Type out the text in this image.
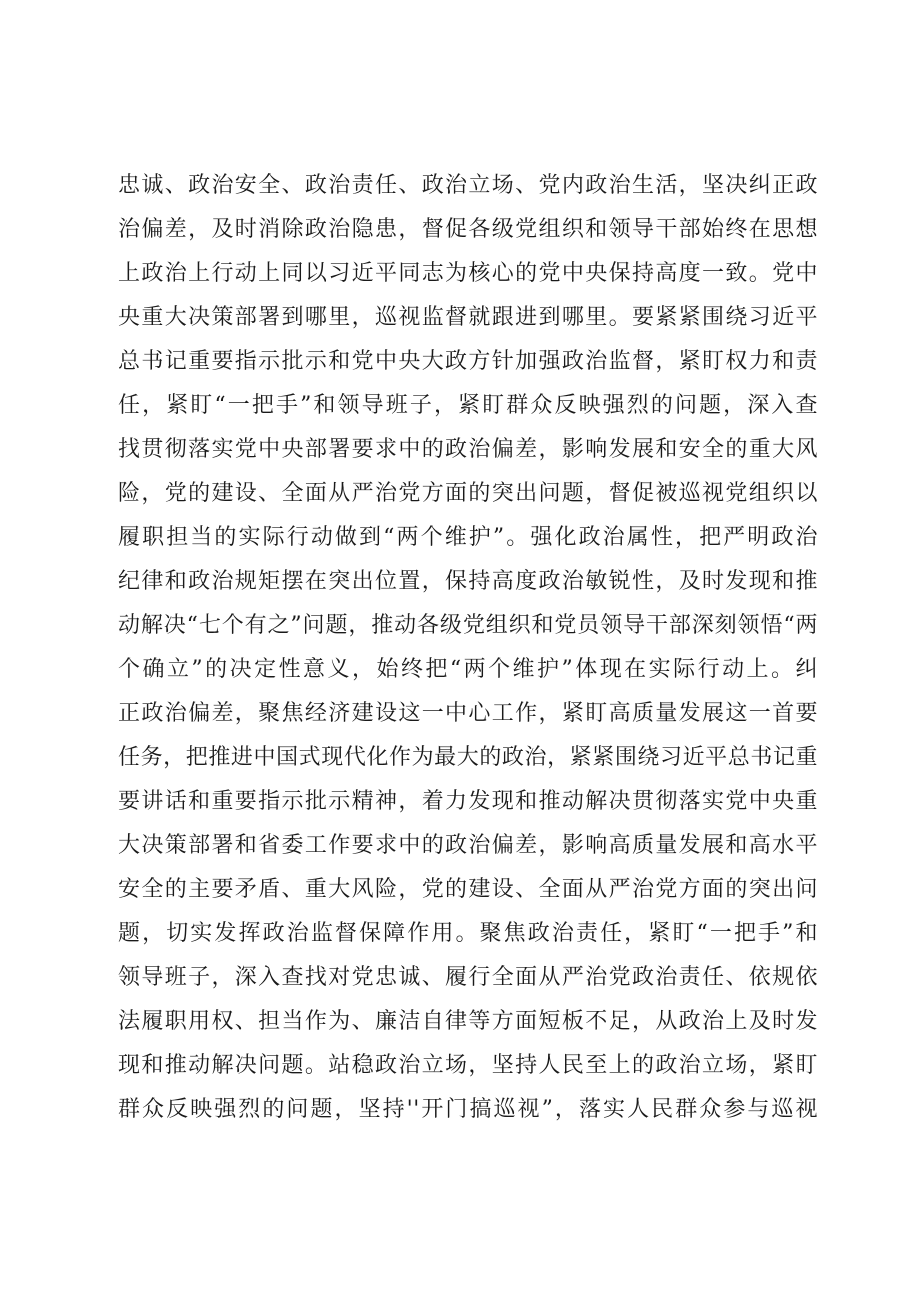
忠诚、政治安全、政治责任、政治立场、党内政治生活，坚决纠正政
治偏差，及时消除政治隐患，督促各级党组织和领导干部始终在思想
上政治上行动上同以习近平同志为核心的党中央保持高度一致。党中
央重大决策部署到哪里，巡视监督就跟进到哪里。要紧紧围绕习近平
总书记重要指示批示和党中央大政方针加强政治监督，紧盯权力和责
任，紧盯“一把手”和领导班子，紧盯群众反映强烈的问题，深入查
找贯彻落实党中央部署要求中的政治偏差，影响发展和安全的重大风
险，党的建设、全面从严治党方面的突出问题，督促被巡视党组织以
履职担当的实际行动做到“两个维护”。强化政治属性，把严明政治
纪律和政治规矩摆在突出位置，保持高度政治敏锐性，及时发现和推
动解决“七个有之”问题，推动各级党组织和党员领导干部深刻领悟“两
个确立”的决定性意义，始终把“两个维护”体现在实际行动上。纠
正政治偏差，聚焦经济建设这一中心工作，紧盯高质量发展这一首要
任务，把推进中国式现代化作为最大的政治，紧紧围绕习近平总书记重
要讲话和重要指示批示精神，着力发现和推动解决贯彻落实党中央重
大决策部署和省委工作要求中的政治偏差，影响高质量发展和高水平
安全的主要矛盾、重大风险，党的建设、全面从严治党方面的突出问
题，切实发挥政治监督保障作用。聚焦政治责任，紧盯“一把手”和
领导班子，深入查找对党忠诚、履行全面从严治党政治责任、依规依
法履职用权、担当作为、廉洁自律等方面短板不足，从政治上及时发
现和推动解决问题。站稳政治立场，坚持人民至上的政治立场，紧盯
群众反映强烈的问题，坚持''开门搞巡视”，落实人民群众参与巡视
